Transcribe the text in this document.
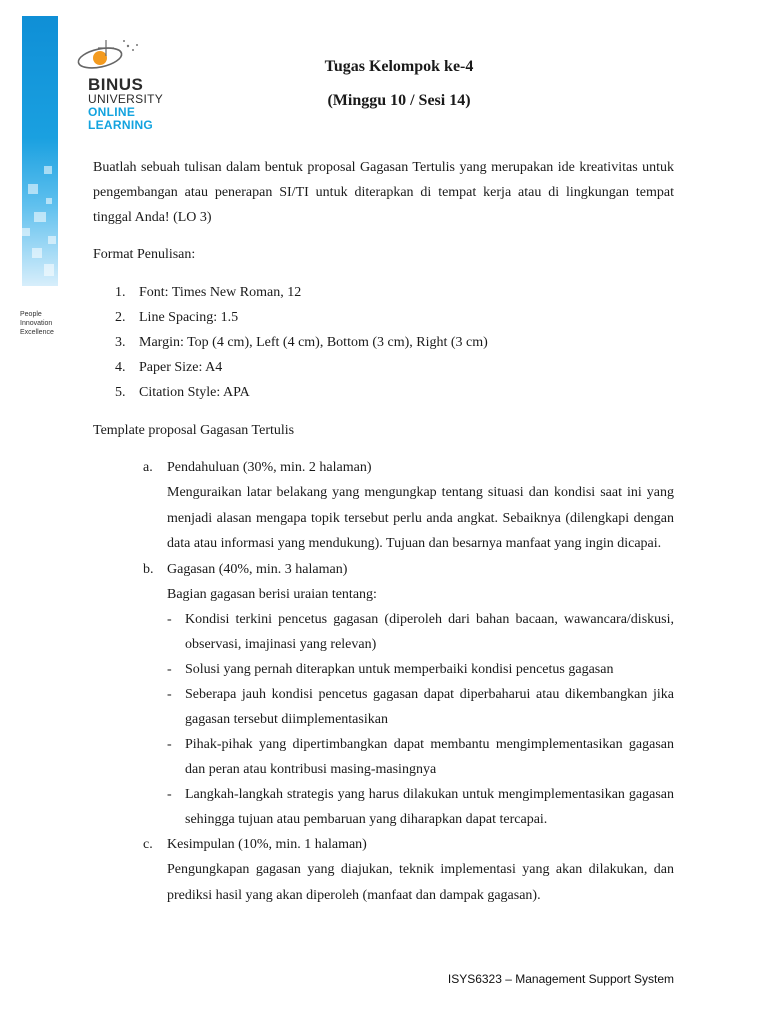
People
Innovation
Excellence
BINUS
UNIVERSITY
ONLINE
LEARNING
Tugas Kelompok ke-4
(Minggu 10 / Sesi 14)

Buatlah sebuah tulisan dalam bentuk proposal Gagasan Tertulis yang merupakan ide kreativitas untuk pengembangan atau penerapan SI/TI untuk diterapkan di tempat kerja atau di lingkungan tempat tinggal Anda! (LO 3)

Format Penulisan:

1. Font: Times New Roman, 12
2. Line Spacing: 1.5
3. Margin: Top (4 cm), Left (4 cm), Bottom (3 cm), Right (3 cm)
4. Paper Size: A4
5. Citation Style: APA

Template proposal Gagasan Tertulis

a. Pendahuluan (30%, min. 2 halaman)

Menguraikan latar belakang yang mengungkap tentang situasi dan kondisi saat ini yang menjadi alasan mengapa topik tersebut perlu anda angkat. Sebaiknya (dilengkapi dengan data atau informasi yang mendukung). Tujuan dan besarnya manfaat yang ingin dicapai.

b. Gagasan (40%, min. 3 halaman)

Bagian gagasan berisi uraian tentang:

- Kondisi terkini pencetus gagasan (diperoleh dari bahan bacaan, wawancara/diskusi, observasi, imajinasi yang relevan)
- Solusi yang pernah diterapkan untuk memperbaiki kondisi pencetus gagasan
- Seberapa jauh kondisi pencetus gagasan dapat diperbaharui atau dikembangkan jika gagasan tersebut diimplementasikan
- Pihak-pihak yang dipertimbangkan dapat membantu mengimplementasikan gagasan dan peran atau kontribusi masing-masingnya
- Langkah-langkah strategis yang harus dilakukan untuk mengimplementasikan gagasan sehingga tujuan atau pembaruan yang diharapkan dapat tercapai.
c. Kesimpulan (10%, min. 1 halaman)

Pengungkapan gagasan yang diajukan, teknik implementasi yang akan dilakukan, dan prediksi hasil yang akan diperoleh (manfaat dan dampak gagasan).

ISYS6323 – Management Support System
